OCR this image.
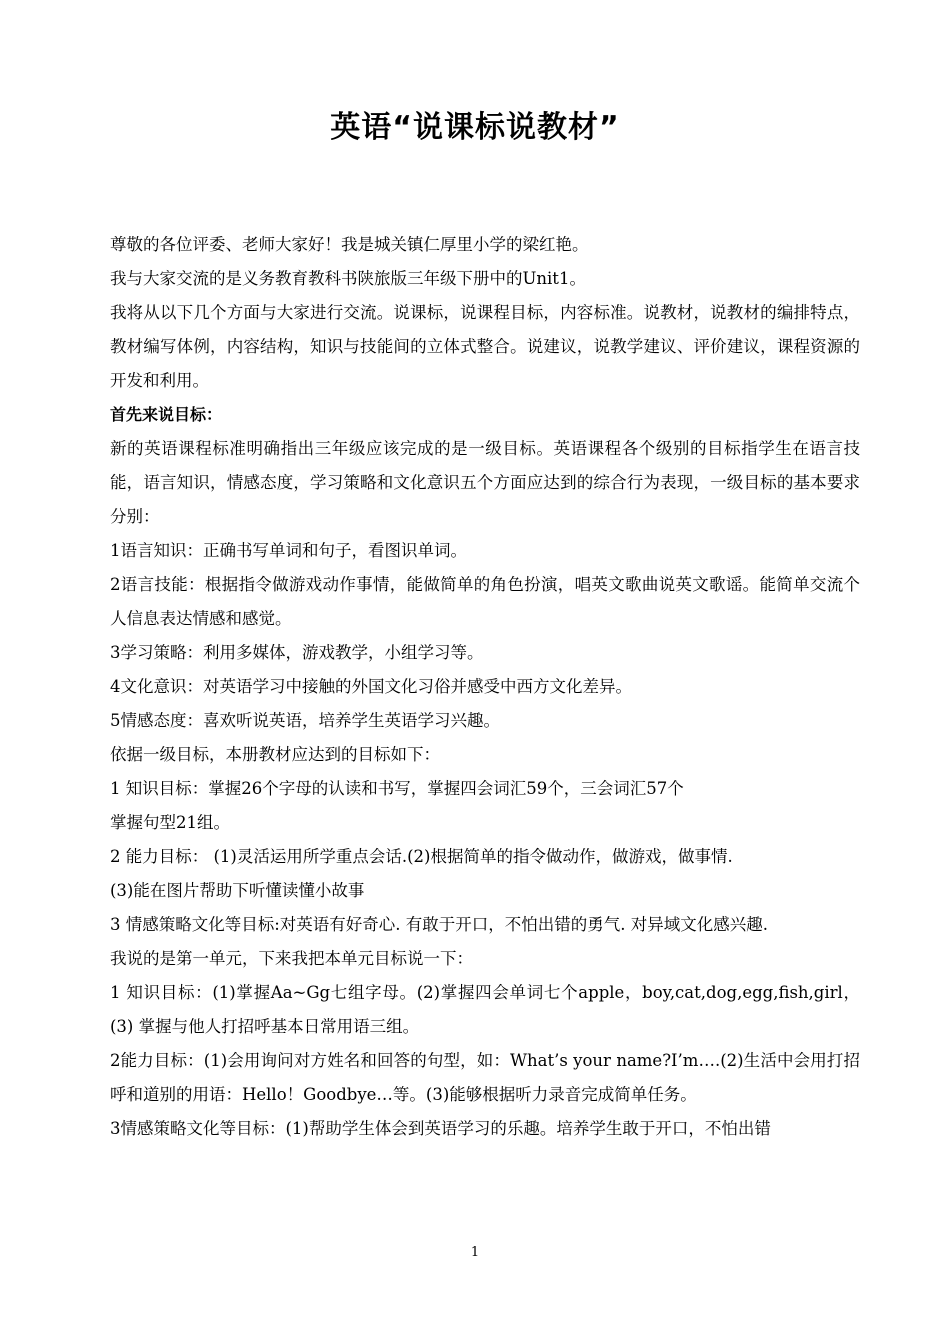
英语“说课标说教材”

尊敬的各位评委、老师大家好！我是城关镇仁厚里小学的梁红艳。

我与大家交流的是义务教育教科书陕旅版三年级下册中的Unit1。

我将从以下几个方面与大家进行交流。说课标，说课程目标，内容标准。说教材，说教材的编排特点，教材编写体例，内容结构，知识与技能间的立体式整合。说建议，说教学建议、评价建议，课程资源的开发和利用。

首先来说目标：

新的英语课程标准明确指出三年级应该完成的是一级目标。英语课程各个级别的目标指学生在语言技能，语言知识，情感态度，学习策略和文化意识五个方面应达到的综合行为表现，一级目标的基本要求分别：

1语言知识：正确书写单词和句子，看图识单词。

2语言技能：根据指令做游戏动作事情，能做简单的角色扮演，唱英文歌曲说英文歌谣。能简单交流个人信息表达情感和感觉。

3学习策略：利用多媒体，游戏教学，小组学习等。

4文化意识：对英语学习中接触的外国文化习俗并感受中西方文化差异。

5情感态度：喜欢听说英语，培养学生英语学习兴趣。

依据一级目标，本册教材应达到的目标如下：

1 知识目标：掌握26个字母的认读和书写，掌握四会词汇59个，三会词汇57个

掌握句型21组。

2 能力目标： (1)灵活运用所学重点会话.(2)根据简单的指令做动作，做游戏，做事情.

(3)能在图片帮助下听懂读懂小故事

3 情感策略文化等目标:对英语有好奇心. 有敢于开口，不怕出错的勇气. 对异域文化感兴趣.

我说的是第一单元，下来我把本单元目标说一下：

1 知识目标：(1)掌握Aa~Gg七组字母。(2)掌握四会单词七个apple，boy,cat,dog,egg,fish,girl， (3) 掌握与他人打招呼基本日常用语三组。

2能力目标：(1)会用询问对方姓名和回答的句型，如：What’s your name?I’m….(2)生活中会用打招呼和道别的用语：Hello！Goodbye…等。(3)能够根据听力录音完成简单任务。

3情感策略文化等目标：(1)帮助学生体会到英语学习的乐趣。培养学生敢于开口，不怕出错

1
